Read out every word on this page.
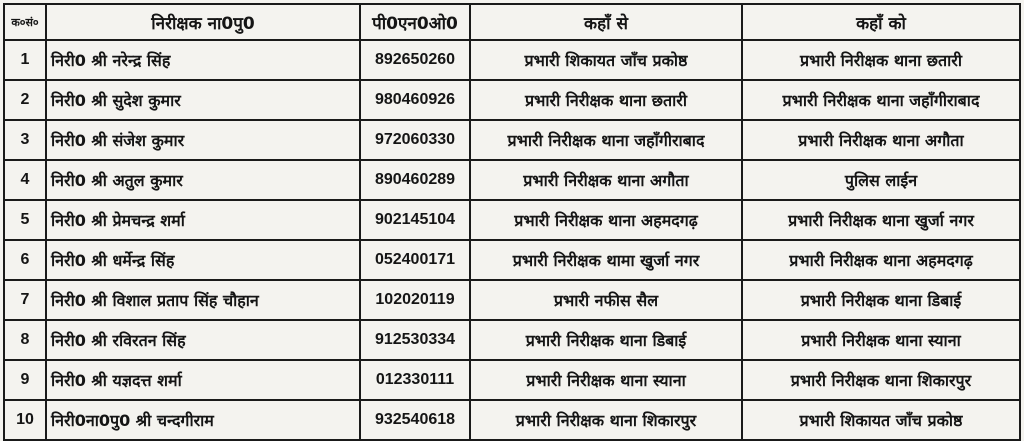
क०सं०	निरीक्षक ना0पु0	पी0एन0ओ0	कहाँ से	कहाँ को
1	निरी0 श्री नरेन्द्र सिंह	892650260	प्रभारी शिकायत जाँच प्रकोष्ठ	प्रभारी निरीक्षक थाना छतारी
2	निरी0 श्री सुदेश कुमार	980460926	प्रभारी निरीक्षक थाना छतारी	प्रभारी निरीक्षक थाना जहाँगीराबाद
3	निरी0 श्री संजेश कुमार	972060330	प्रभारी निरीक्षक थाना जहाँगीराबाद	प्रभारी निरीक्षक थाना अगौता
4	निरी0 श्री अतुल कुमार	890460289	प्रभारी निरीक्षक थाना अगौता	पुलिस लाईन
5	निरी0 श्री प्रेमचन्द्र शर्मा	902145104	प्रभारी निरीक्षक थाना अहमदगढ़	प्रभारी निरीक्षक थाना खुर्जा नगर
6	निरी0 श्री धर्मेन्द्र सिंह	052400171	प्रभारी निरीक्षक थामा खुर्जा नगर	प्रभारी निरीक्षक थाना अहमदगढ़
7	निरी0 श्री विशाल प्रताप सिंह चौहान	102020119	प्रभारी नफीस सैल	प्रभारी निरीक्षक थाना डिबाई
8	निरी0 श्री रविरतन सिंह	912530334	प्रभारी निरीक्षक थाना डिबाई	प्रभारी निरीक्षक थाना स्याना
9	निरी0 श्री यज्ञदत्त शर्मा	012330111	प्रभारी निरीक्षक थाना स्याना	प्रभारी निरीक्षक थाना शिकारपुर
10	निरी0ना0पु0 श्री चन्दगीराम	932540618	प्रभारी निरीक्षक थाना शिकारपुर	प्रभारी शिकायत जाँच प्रकोष्ठ
